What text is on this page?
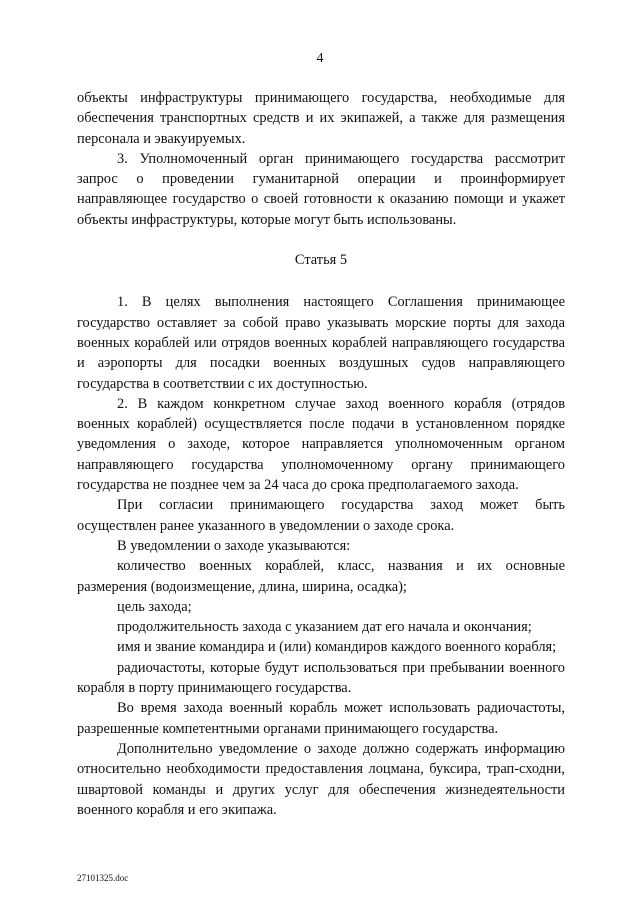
4

объекты инфраструктуры принимающего государства, необходимые для обеспечения транспортных средств и их экипажей, а также для размещения персонала и эвакуируемых.

3. Уполномоченный орган принимающего государства рассмотрит запрос о проведении гуманитарной операции и проинформирует направляющее государство о своей готовности к оказанию помощи и укажет объекты инфраструктуры, которые могут быть использованы.

Статья 5

1. В целях выполнения настоящего Соглашения принимающее государство оставляет за собой право указывать морские порты для захода военных кораблей или отрядов военных кораблей направляющего государства и аэропорты для посадки военных воздушных судов направляющего государства в соответствии с их доступностью.

2. В каждом конкретном случае заход военного корабля (отрядов военных кораблей) осуществляется после подачи в установленном порядке уведомления о заходе, которое направляется уполномоченным органом направляющего государства уполномоченному органу принимающего государства не позднее чем за 24 часа до срока предполагаемого захода.

При согласии принимающего государства заход может быть осуществлен ранее указанного в уведомлении о заходе срока.

В уведомлении о заходе указываются:

количество военных кораблей, класс, названия и их основные размерения (водоизмещение, длина, ширина, осадка);

цель захода;

продолжительность захода с указанием дат его начала и окончания;

имя и звание командира и (или) командиров каждого военного корабля;

радиочастоты, которые будут использоваться при пребывании военного корабля в порту принимающего государства.

Во время захода военный корабль может использовать радиочастоты, разрешенные компетентными органами принимающего государства.

Дополнительно уведомление о заходе должно содержать информацию относительно необходимости предоставления лоцмана, буксира, трап-сходни, швартовой команды и других услуг для обеспечения жизнедеятельности военного корабля и его экипажа.

27101325.doc
